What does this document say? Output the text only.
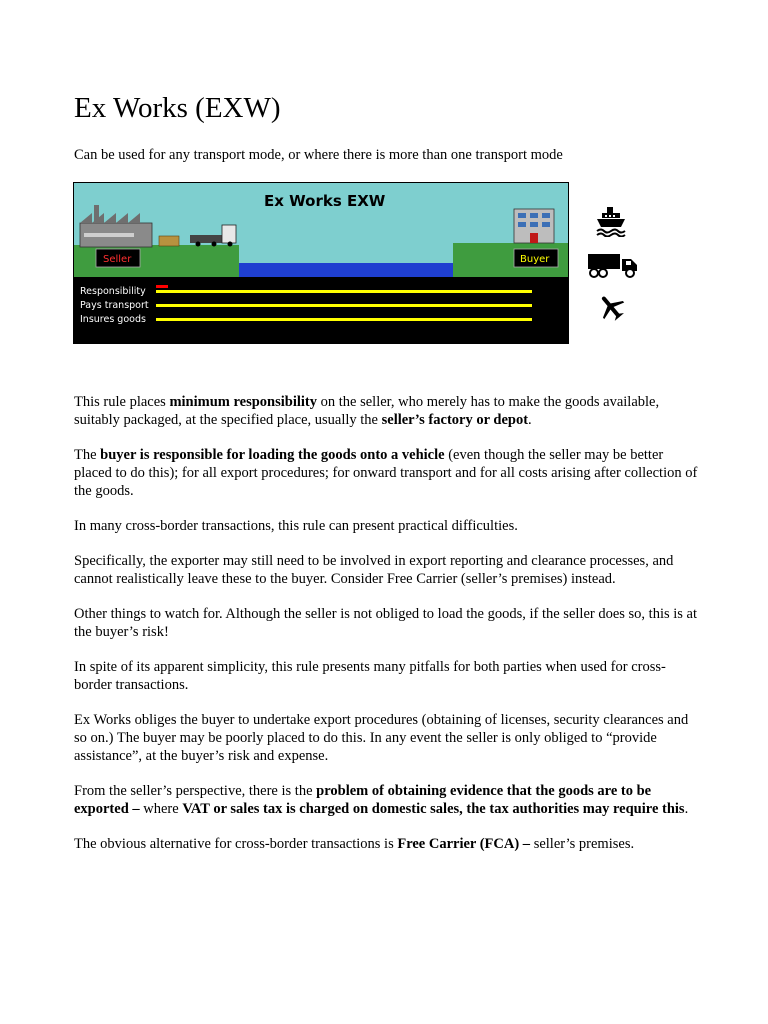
Ex Works (EXW)

Can be used for any transport mode, or where there is more than one transport mode

Ex Works EXW
Seller	Buyer
Responsibility
Pays transport
Insures goods

This rule places minimum responsibility on the seller, who merely has to make the goods available, suitably packaged, at the specified place, usually the seller’s factory or depot.

The buyer is responsible for loading the goods onto a vehicle (even though the seller may be better placed to do this); for all export procedures; for onward transport and for all costs arising after collection of the goods.

In many cross-border transactions, this rule can present practical difficulties.

Specifically, the exporter may still need to be involved in export reporting and clearance processes, and cannot realistically leave these to the buyer. Consider Free Carrier (seller’s premises) instead.

Other things to watch for. Although the seller is not obliged to load the goods, if the seller does so, this is at the buyer’s risk!

In spite of its apparent simplicity, this rule presents many pitfalls for both parties when used for cross-border transactions.

Ex Works obliges the buyer to undertake export procedures (obtaining of licenses, security clearances and so on.) The buyer may be poorly placed to do this. In any event the seller is only obliged to “provide assistance”, at the buyer’s risk and expense.

From the seller’s perspective, there is the problem of obtaining evidence that the goods are to be exported – where VAT or sales tax is charged on domestic sales, the tax authorities may require this.

The obvious alternative for cross-border transactions is Free Carrier (FCA) – seller’s premises.
